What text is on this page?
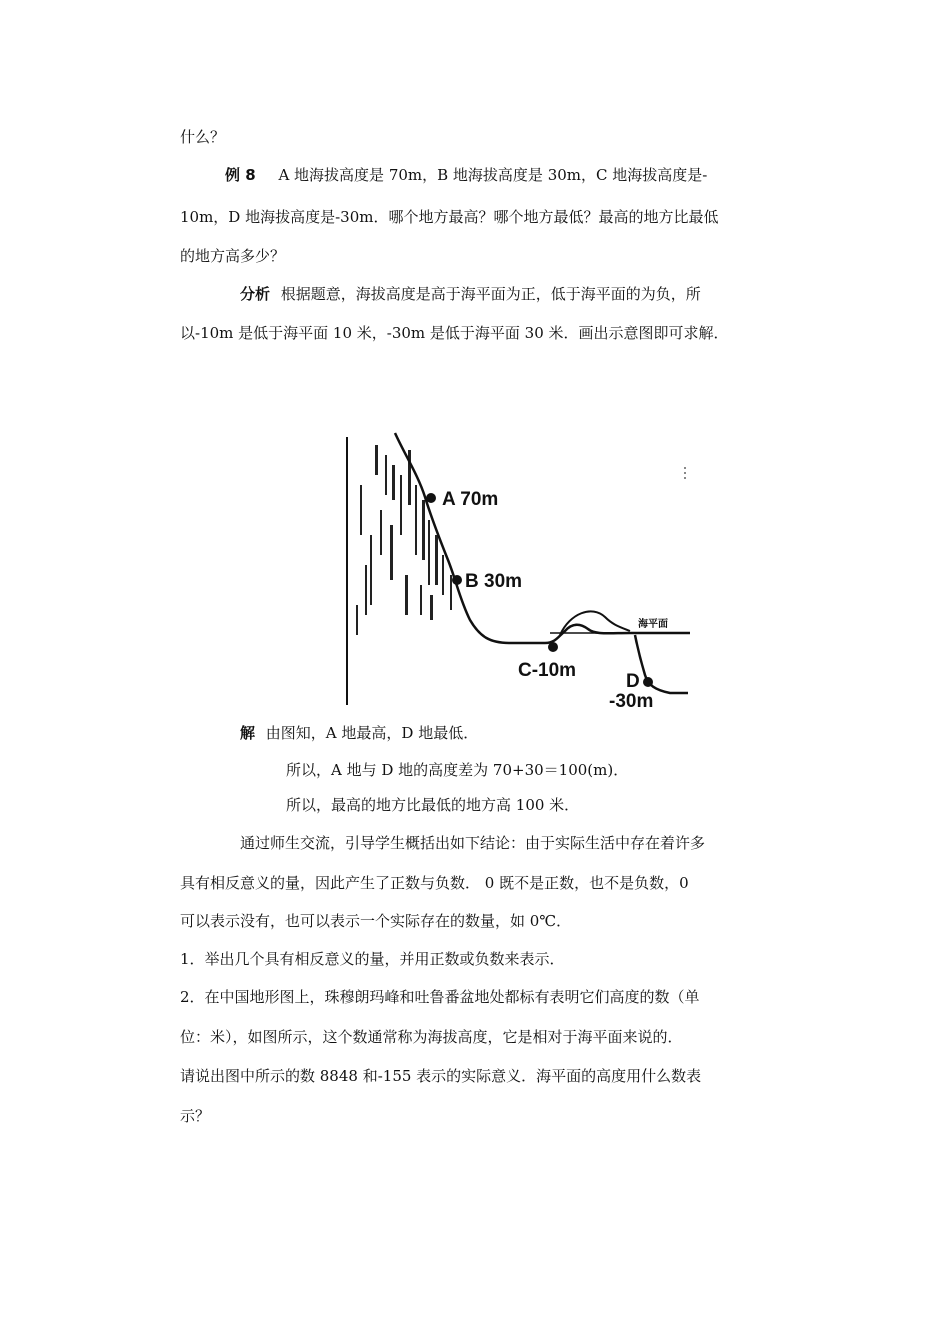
什么？
例 8 A 地海拔高度是 70m，B 地海拔高度是 30m，C 地海拔高度是-
10m，D 地海拔高度是-30m．哪个地方最高？哪个地方最低？最高的地方比最低
的地方高多少？
分析 根据题意，海拔高度是高于海平面为正，低于海平面的为负，所
以-10m 是低于海平面 10 米，-30m 是低于海平面 30 米．画出示意图即可求解．
A 70m
B 30m
C-10m
D
-30m
海平面
解 由图知，A 地最高，D 地最低．
所以，A 地与 D 地的高度差为 70+30＝100(m)．
所以，最高的地方比最低的地方高 100 米．
通过师生交流，引导学生概括出如下结论：由于实际生活中存在着许多
具有相反意义的量，因此产生了正数与负数． 0 既不是正数，也不是负数，0
可以表示没有，也可以表示一个实际存在的数量，如 0℃．
1．举出几个具有相反意义的量，并用正数或负数来表示．
2．在中国地形图上，珠穆朗玛峰和吐鲁番盆地处都标有表明它们高度的数（单
位：米），如图所示，这个数通常称为海拔高度，它是相对于海平面来说的．
请说出图中所示的数 8848 和-155 表示的实际意义．海平面的高度用什么数表
示？
